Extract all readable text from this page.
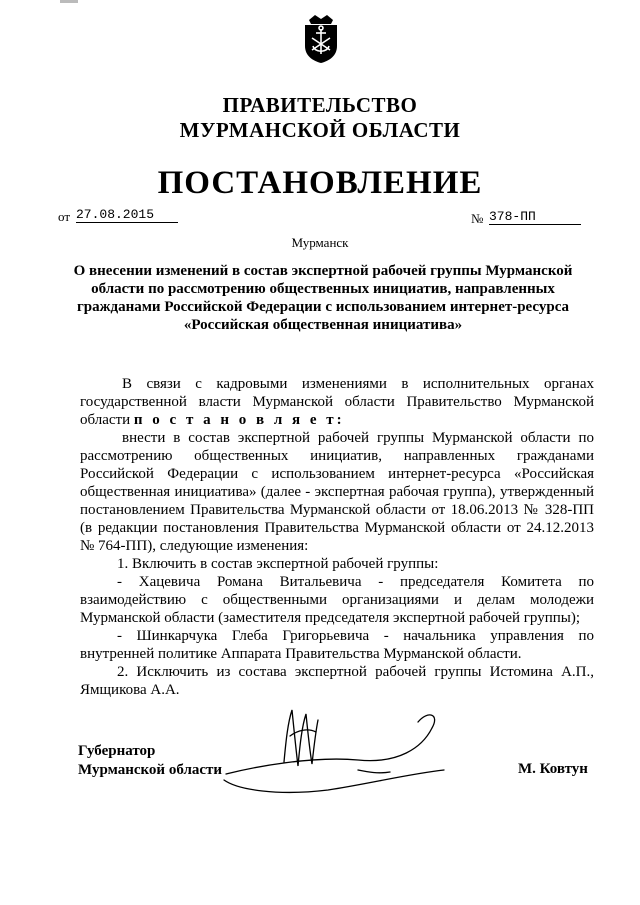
ПРАВИТЕЛЬСТВО
МУРМАНСКОЙ ОБЛАСТИ
ПОСТАНОВЛЕНИЕ
от 27.08.2015	№ 378-ПП
Мурманск
О внесении изменений в состав экспертной рабочей группы Мурманской
области по рассмотрению общественных инициатив, направленных
гражданами Российской Федерации с использованием интернет-ресурса
«Российская общественная инициатива»

В связи с кадровыми изменениями в исполнительных органах государственной власти Мурманской области Правительство Мурманской области п о с т а н о в л я е т:

внести в состав экспертной рабочей группы Мурманской области по рассмотрению общественных инициатив, направленных гражданами Российской Федерации с использованием интернет-ресурса «Российская общественная инициатива» (далее - экспертная рабочая группа), утвержденный постановлением Правительства Мурманской области от 18.06.2013 № 328-ПП (в редакции постановления Правительства Мурманской области от 24.12.2013 № 764-ПП), следующие изменения:

1. Включить в состав экспертной рабочей группы:

- Хацевича Романа Витальевича - председателя Комитета по взаимодействию с общественными организациями и делам молодежи Мурманской области (заместителя председателя экспертной рабочей группы);

- Шинкарчука Глеба Григорьевича - начальника управления по внутренней политике Аппарата Правительства Мурманской области.

2. Исключить из состава экспертной рабочей группы Истомина А.П., Ямщикова А.А.

Губернатор
Мурманской области	М. Ковтун
